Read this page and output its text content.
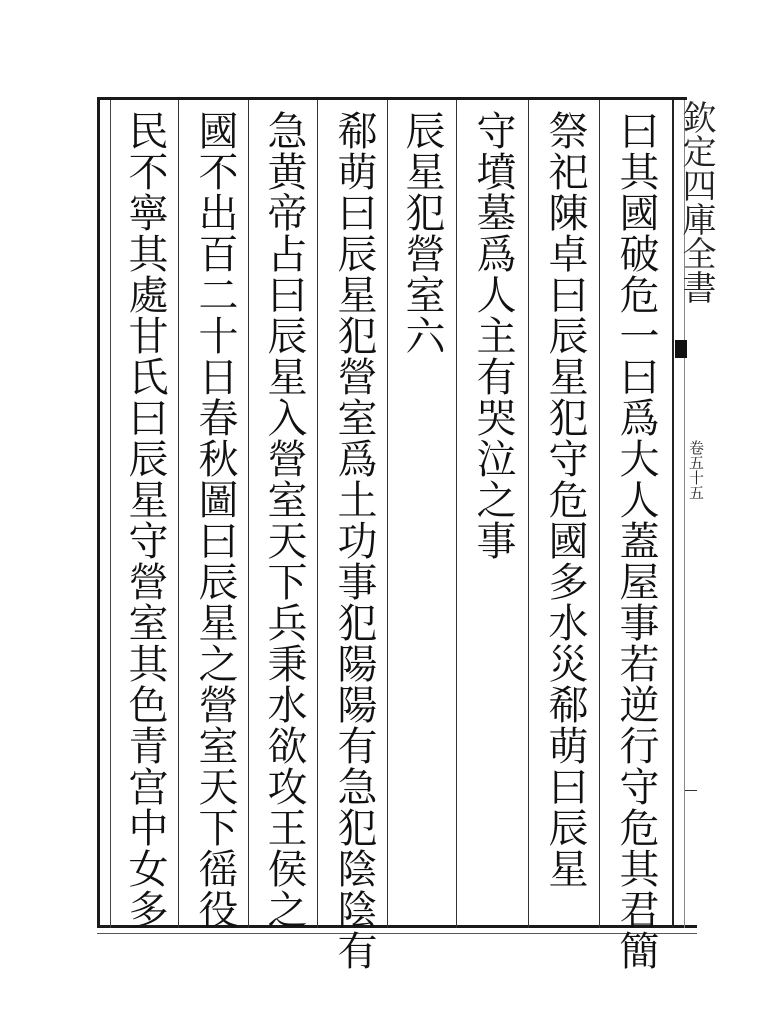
欽定四庫全書
卷五十五
曰其國破危一曰爲大人蓋屋事若逆行守危其君簡
祭祀陳卓曰辰星犯守危國多水災郗萌曰辰星
守墳墓爲人主有哭泣之事
辰星犯營室六
郗萌曰辰星犯營室爲土功事犯陽陽有急犯陰陰有
急黄帝占曰辰星入營室天下兵秉水欲攻王侯之
國不出百二十日春秋圖曰辰星之營室天下徭役
民不寧其處甘氏曰辰星守營室其色青宫中女多
